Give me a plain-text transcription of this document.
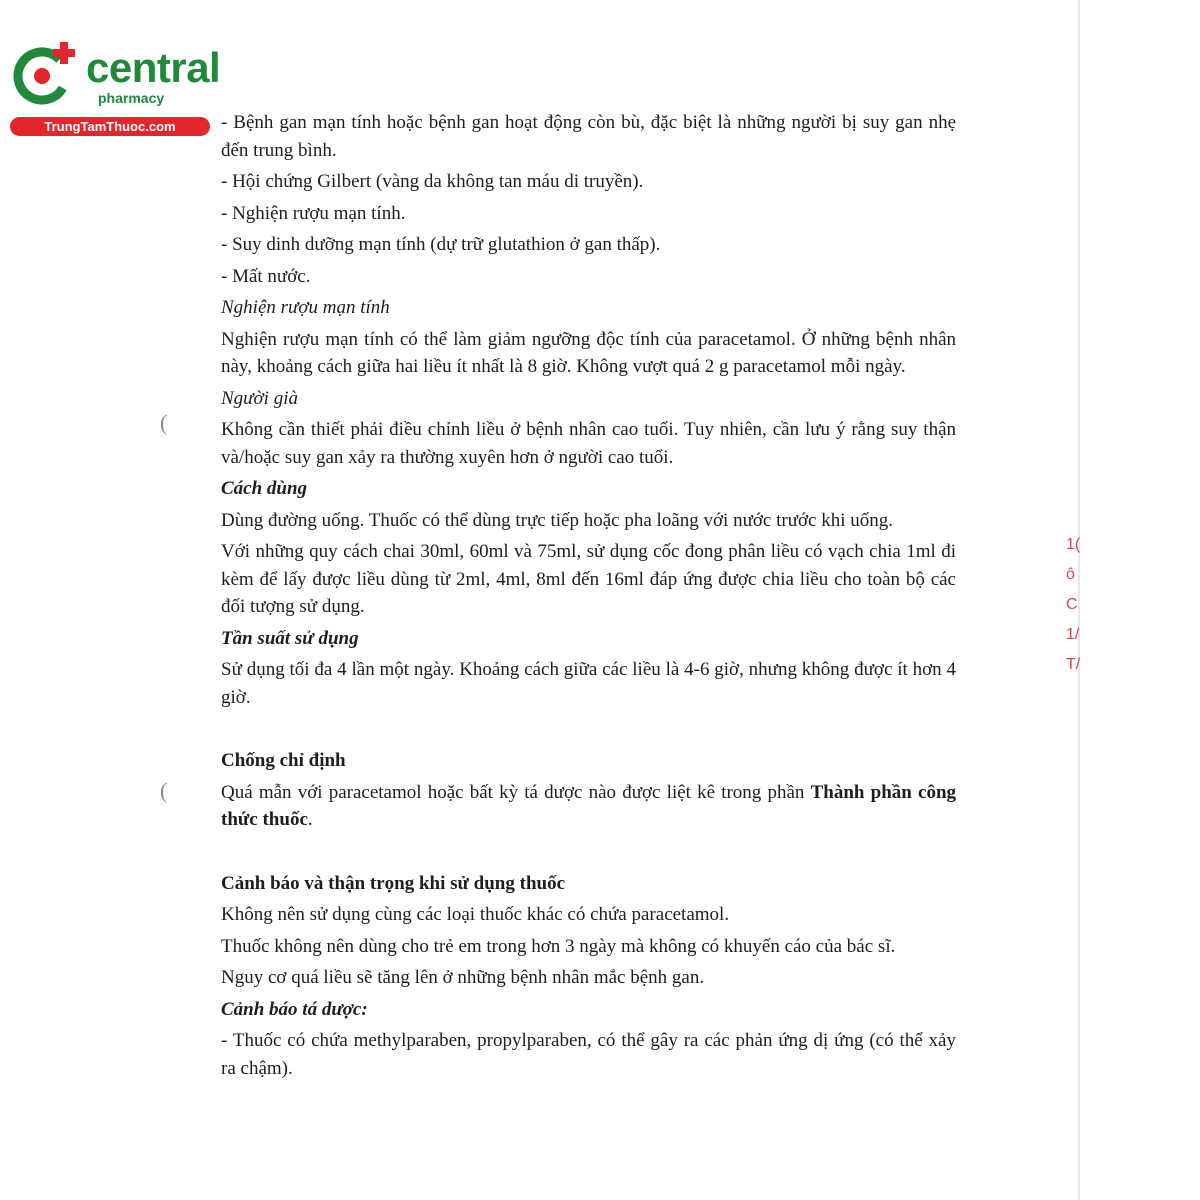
central
pharmacy
TrungTamThuoc.com
(
(
1(
ô
C
1/
T/

- Bệnh gan mạn tính hoặc bệnh gan hoạt động còn bù, đặc biệt là những người bị suy gan nhẹ đến trung bình.

- Hội chứng Gilbert (vàng da không tan máu di truyền).

- Nghiện rượu mạn tính.

- Suy dinh dưỡng mạn tính (dự trữ glutathion ở gan thấp).

- Mất nước.

Nghiện rượu mạn tính

Nghiện rượu mạn tính có thể làm giảm ngưỡng độc tính của paracetamol. Ở những bệnh nhân này, khoảng cách giữa hai liều ít nhất là 8 giờ. Không vượt quá 2 g paracetamol mỗi ngày.

Người già

Không cần thiết phải điều chỉnh liều ở bệnh nhân cao tuổi. Tuy nhiên, cần lưu ý rằng suy thận và/hoặc suy gan xảy ra thường xuyên hơn ở người cao tuổi.

Cách dùng

Dùng đường uống. Thuốc có thể dùng trực tiếp hoặc pha loãng với nước trước khi uống.

Với những quy cách chai 30ml, 60ml và 75ml, sử dụng cốc đong phân liều có vạch chia 1ml đi kèm để lấy được liều dùng từ 2ml, 4ml, 8ml đến 16ml đáp ứng được chia liều cho toàn bộ các đối tượng sử dụng.

Tần suất sử dụng

Sử dụng tối đa 4 lần một ngày. Khoảng cách giữa các liều là 4-6 giờ, nhưng không được ít hơn 4 giờ.

Chống chỉ định

Quá mẫn với paracetamol hoặc bất kỳ tá dược nào được liệt kê trong phần Thành phần công thức thuốc.

Cảnh báo và thận trọng khi sử dụng thuốc

Không nên sử dụng cùng các loại thuốc khác có chứa paracetamol.

Thuốc không nên dùng cho trẻ em trong hơn 3 ngày mà không có khuyến cáo của bác sĩ.

Nguy cơ quá liều sẽ tăng lên ở những bệnh nhân mắc bệnh gan.

Cảnh báo tá dược:

- Thuốc có chứa methylparaben, propylparaben, có thể gây ra các phản ứng dị ứng (có thể xảy ra chậm).
